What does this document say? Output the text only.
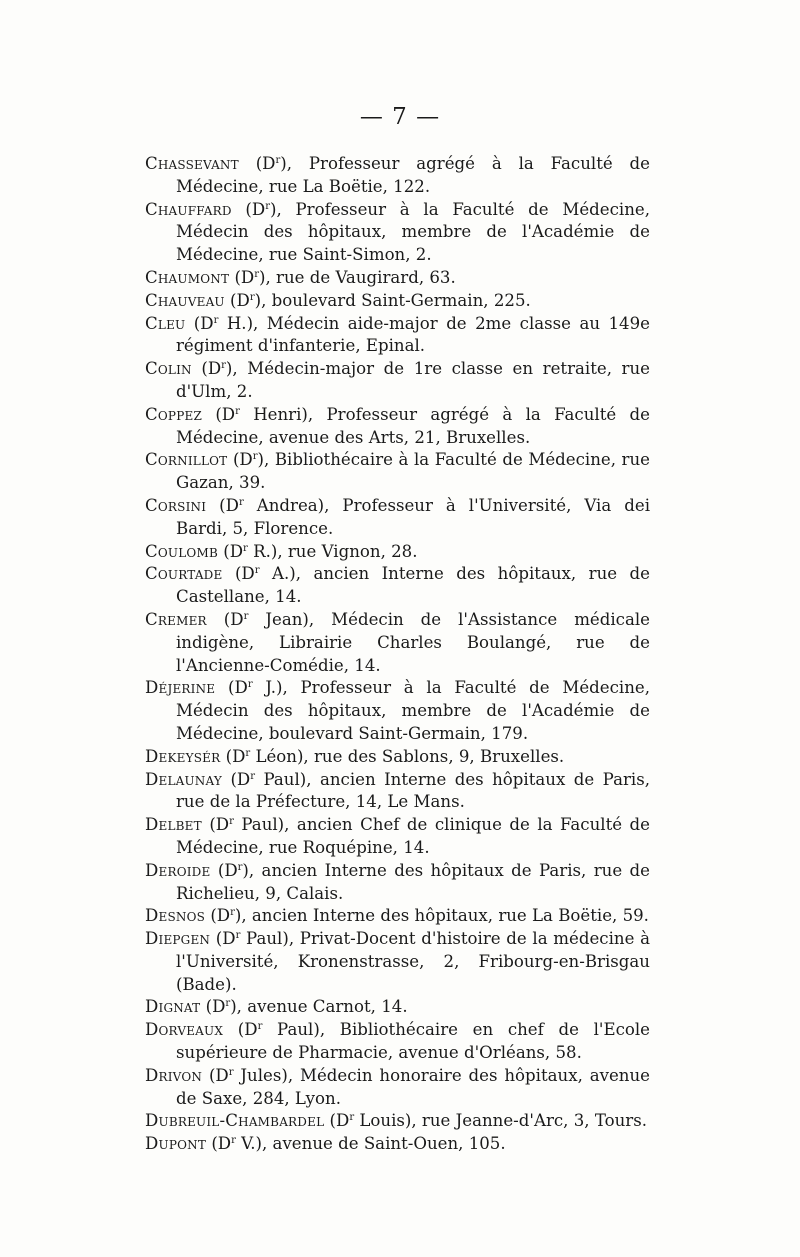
— 7 —
Chassevant $(D^r)$, Professeur agrégé à la Faculté de Médecine, rue La Boëtie, 122.
Chauffard $(D^r)$, Professeur à la Faculté de Médecine, Médecin des hôpitaux, membre de l'Académie de Médecine, rue Saint-Simon, 2.
Chaumont $(D^r)$, rue de Vaugirard, 63.
Chauveau $(D^r)$, boulevard Saint-Germain, 225.
Cleu ($D^r$ H.), Médecin aide-major de 2me classe au 149e régiment d'infanterie, Epinal.
Colin $(D^r)$, Médecin-major de 1re classe en retraite, rue d'Ulm, 2.
Coppez ($D^r$ Henri), Professeur agrégé à la Faculté de Médecine, avenue des Arts, 21, Bruxelles.
Cornillot $(D^r)$, Bibliothécaire à la Faculté de Médecine, rue Gazan, 39.
Corsini ($D^r$ Andrea), Professeur à l'Université, Via dei Bardi, 5, Florence.
Coulomb ($D^r$ R.), rue Vignon, 28.
Courtade ($D^r$ A.), ancien Interne des hôpitaux, rue de Castellane, 14.
Cremer ($D^r$ Jean), Médecin de l'Assistance médicale indigène, Librairie Charles Boulangé, rue de l'Ancienne-Comédie, 14.
Déjerine ($D^r$ J.), Professeur à la Faculté de Médecine, Médecin des hôpitaux, membre de l'Académie de Médecine, boulevard Saint-Germain, 179.
Dekeysér ($D^r$ Léon), rue des Sablons, 9, Bruxelles.
Delaunay ($D^r$ Paul), ancien Interne des hôpitaux de Paris, rue de la Préfecture, 14, Le Mans.
Delbet ($D^r$ Paul), ancien Chef de clinique de la Faculté de Médecine, rue Roquépine, 14.
Deroide $(D^r)$, ancien Interne des hôpitaux de Paris, rue de Richelieu, 9, Calais.
Desnos $(D^r)$, ancien Interne des hôpitaux, rue La Boëtie, 59.
Diepgen ($D^r$ Paul), Privat-Docent d'histoire de la médecine à l'Université, Kronenstrasse, 2, Fribourg-en-Brisgau (Bade).
Dignat $(D^r)$, avenue Carnot, 14.
Dorveaux ($D^r$ Paul), Bibliothécaire en chef de l'Ecole supérieure de Pharmacie, avenue d'Orléans, 58.
Drivon ($D^r$ Jules), Médecin honoraire des hôpitaux, avenue de Saxe, 284, Lyon.
Dubreuil-Chambardel ($D^r$ Louis), rue Jeanne-d'Arc, 3, Tours.
Dupont ($D^r$ V.), avenue de Saint-Ouen, 105.
